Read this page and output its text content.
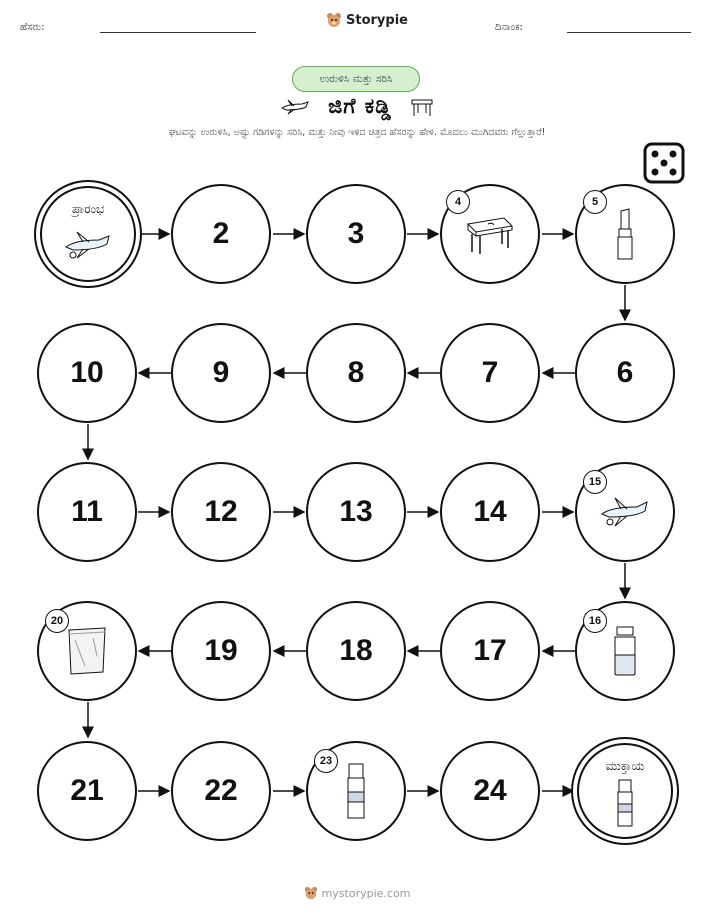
ಹೆಸರು:	Storypie	ದಿನಾಂಕ:
ಉರುಳಿಸಿ ಮತ್ತು ಸರಿಸಿ
ಜಿಗೆ ಕಡ್ಡಿ
ಘಟವನ್ನು ಉರುಳಿಸಿ, ಅಷ್ಟು ಗಡಿಗಳನ್ನು ಸರಿಸಿ, ಮತ್ತು ನೀವು ಇಳಿದ ಚಿತ್ರದ ಹೆಸರನ್ನು ಹೇಳಿ. ಮೊದಲು ಮುಗಿದವರು ಗೆಲ್ಲುತ್ತಾರೆ!
ಪ್ರಾರಂಭ
2	3
4	5
6
7
8
9
10
11	12	13	14
15
16
17
18
19
20
21	22
23
24
ಮುಕ್ತಾಯ
mystorypie.com
